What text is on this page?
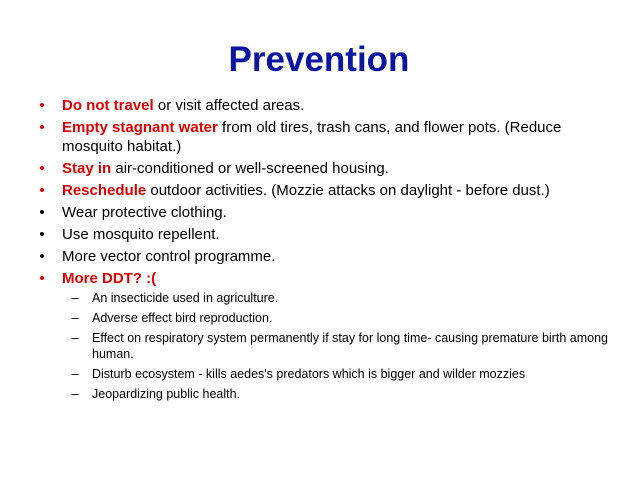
Prevention
• Do not travel or visit affected areas.
• Empty stagnant water from old tires, trash cans, and flower pots. (Reduce mosquito habitat.)
• Stay in air-conditioned or well-screened housing.
• Reschedule outdoor activities. (Mozzie attacks on daylight - before dust.)
• Wear protective clothing.
• Use mosquito repellent.
• More vector control programme.
• More DDT? :(
– An insecticide used in agriculture.
– Adverse effect bird reproduction.
– Effect on respiratory system permanently if stay for long time- causing premature birth among human.
– Disturb ecosystem - kills aedes's predators which is bigger and wilder mozzies
– Jeopardizing public health.
